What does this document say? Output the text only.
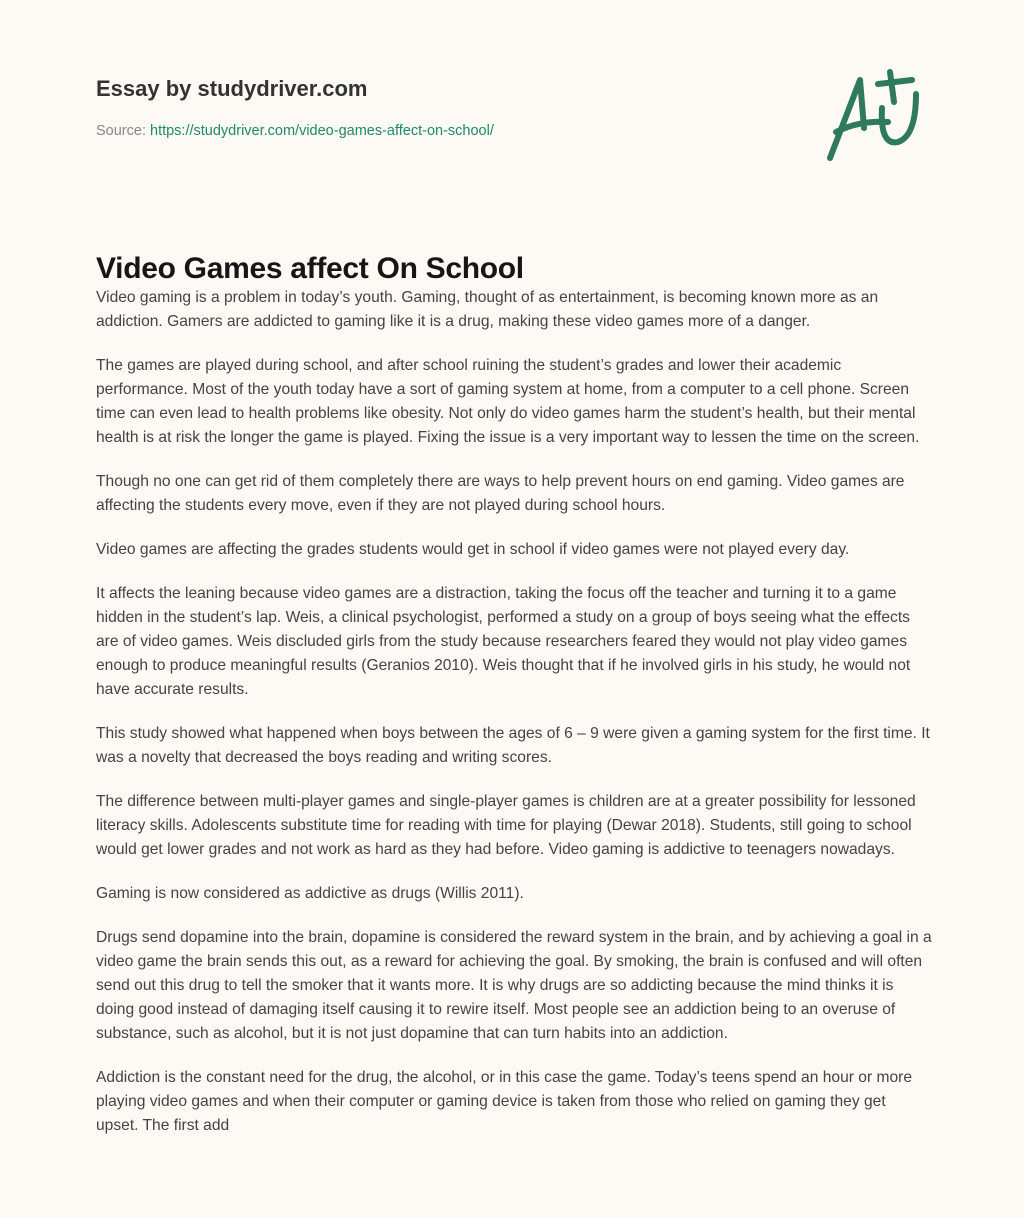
Essay by studydriver.com
Source: https://studydriver.com/video-games-affect-on-school/
Video Games affect On School

Video gaming is a problem in today’s youth. Gaming, thought of as entertainment, is becoming known more as an addiction. Gamers are addicted to gaming like it is a drug, making these video games more of a danger.

The games are played during school, and after school ruining the student’s grades and lower their academic performance. Most of the youth today have a sort of gaming system at home, from a computer to a cell phone. Screen time can even lead to health problems like obesity. Not only do video games harm the student’s health, but their mental health is at risk the longer the game is played. Fixing the issue is a very important way to lessen the time on the screen.

Though no one can get rid of them completely there are ways to help prevent hours on end gaming. Video games are affecting the students every move, even if they are not played during school hours.

Video games are affecting the grades students would get in school if video games were not played every day.

It affects the leaning because video games are a distraction, taking the focus off the teacher and turning it to a game hidden in the student’s lap. Weis, a clinical psychologist, performed a study on a group of boys seeing what the effects are of video games. Weis discluded girls from the study because researchers feared they would not play video games enough to produce meaningful results (Geranios 2010). Weis thought that if he involved girls in his study, he would not have accurate results.

This study showed what happened when boys between the ages of 6 – 9 were given a gaming system for the first time. It was a novelty that decreased the boys reading and writing scores.

The difference between multi-player games and single-player games is children are at a greater possibility for lessoned literacy skills. Adolescents substitute time for reading with time for playing (Dewar 2018). Students, still going to school would get lower grades and not work as hard as they had before. Video gaming is addictive to teenagers nowadays.

Gaming is now considered as addictive as drugs (Willis 2011).

Drugs send dopamine into the brain, dopamine is considered the reward system in the brain, and by achieving a goal in a video game the brain sends this out, as a reward for achieving the goal. By smoking, the brain is confused and will often send out this drug to tell the smoker that it wants more. It is why drugs are so addicting because the mind thinks it is doing good instead of damaging itself causing it to rewire itself. Most people see an addiction being to an overuse of substance, such as alcohol, but it is not just dopamine that can turn habits into an addiction.

Addiction is the constant need for the drug, the alcohol, or in this case the game. Today’s teens spend an hour or more playing video games and when their computer or gaming device is taken from those who relied on gaming they get upset. The first add
